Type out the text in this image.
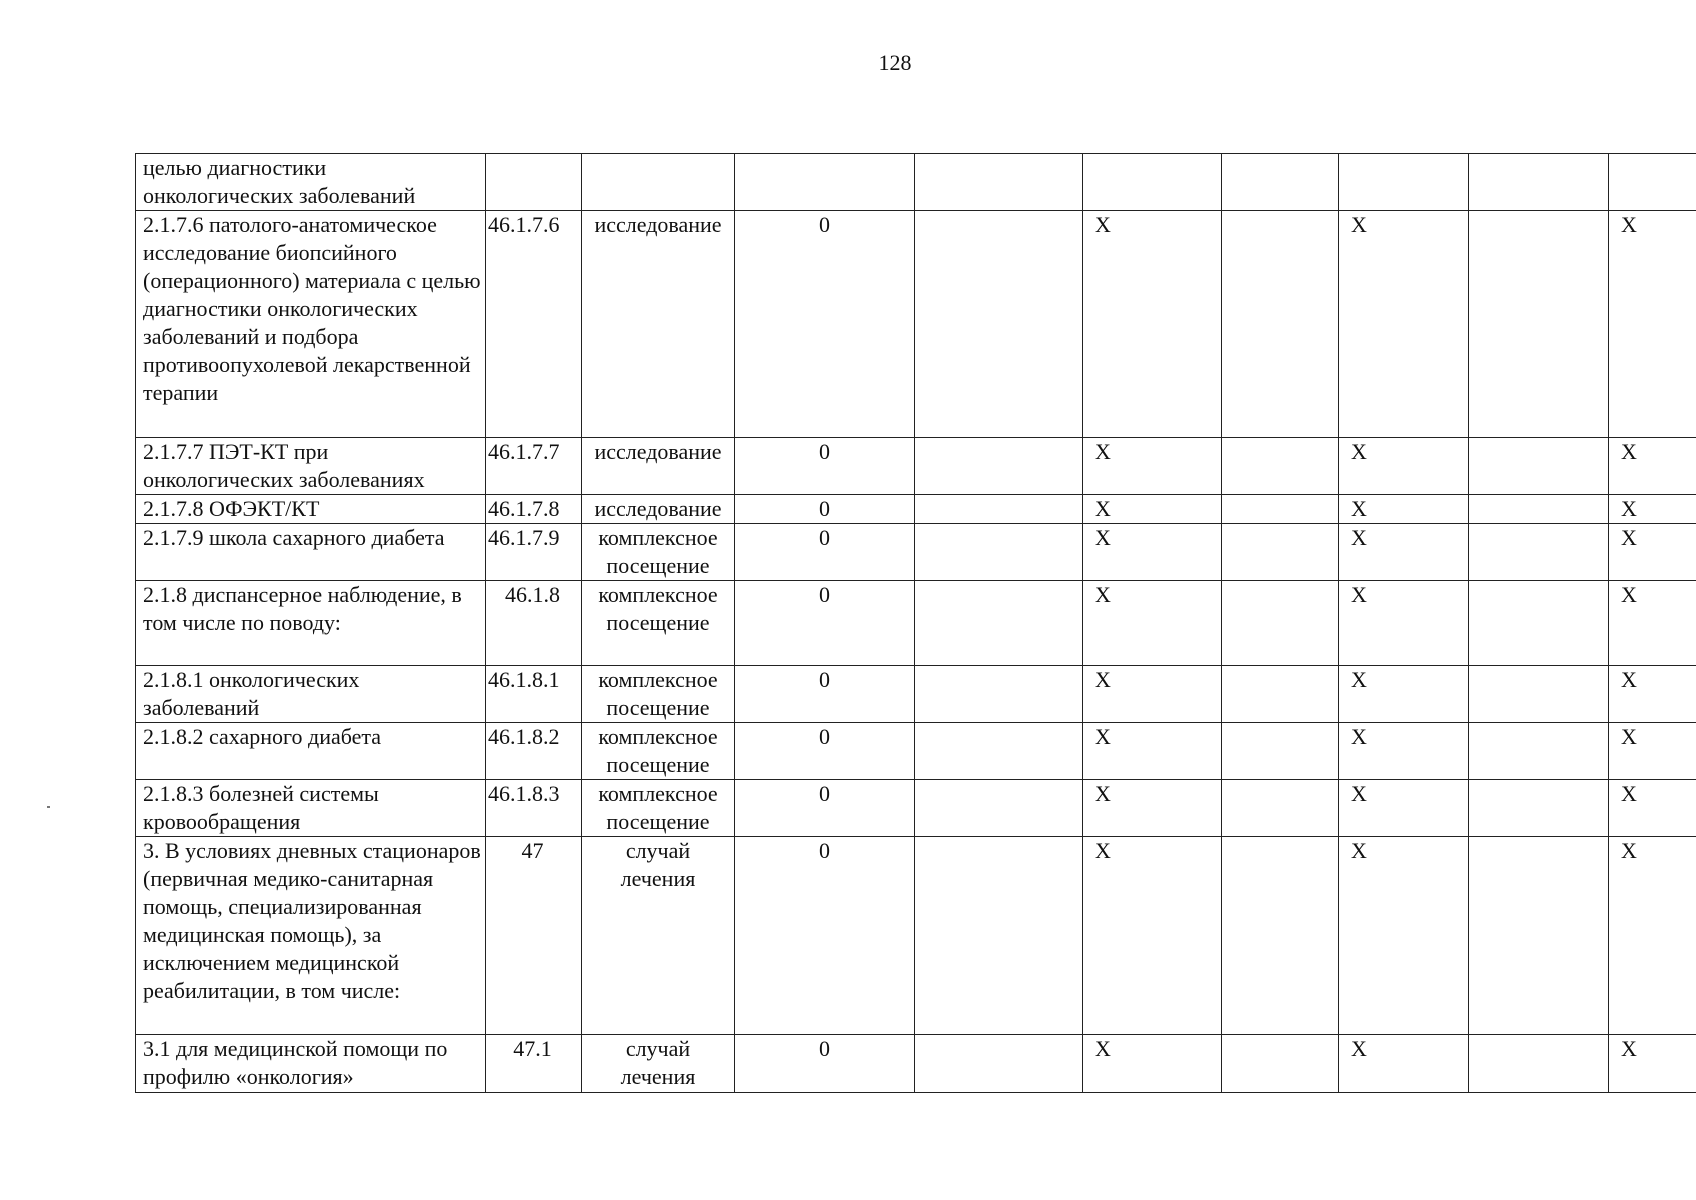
128
целью диагностики онкологических заболеваний									
2.1.7.6 патолого-анатомическое исследование биопсийного (операционного) материала с целью диагностики онкологических заболеваний и подбора противоопухолевой лекарственной терапии	46.1.7.6	исследование	0		X		X		X
2.1.7.7 ПЭТ-КТ при онкологических заболеваниях	46.1.7.7	исследование	0		X		X		X
2.1.7.8 ОФЭКТ/КТ	46.1.7.8	исследование	0		X		X		X
2.1.7.9 школа сахарного диабета	46.1.7.9	комплексное посещение	0		X		X		X
2.1.8 диспансерное наблюдение, в том числе по поводу:	46.1.8	комплексное посещение	0		X		X		X
2.1.8.1 онкологических заболеваний	46.1.8.1	комплексное посещение	0		X		X		X
2.1.8.2 сахарного диабета	46.1.8.2	комплексное посещение	0		X		X		X
2.1.8.3 болезней системы кровообращения	46.1.8.3	комплексное посещение	0		X		X		X
3. В условиях дневных стационаров (первичная медико-санитарная помощь, специализированная медицинская помощь), за исключением медицинской реабилитации, в том числе:	47	случай лечения	0		X		X		X
3.1 для медицинской помощи по профилю «онкология»	47.1	случай лечения	0		X		X		X
